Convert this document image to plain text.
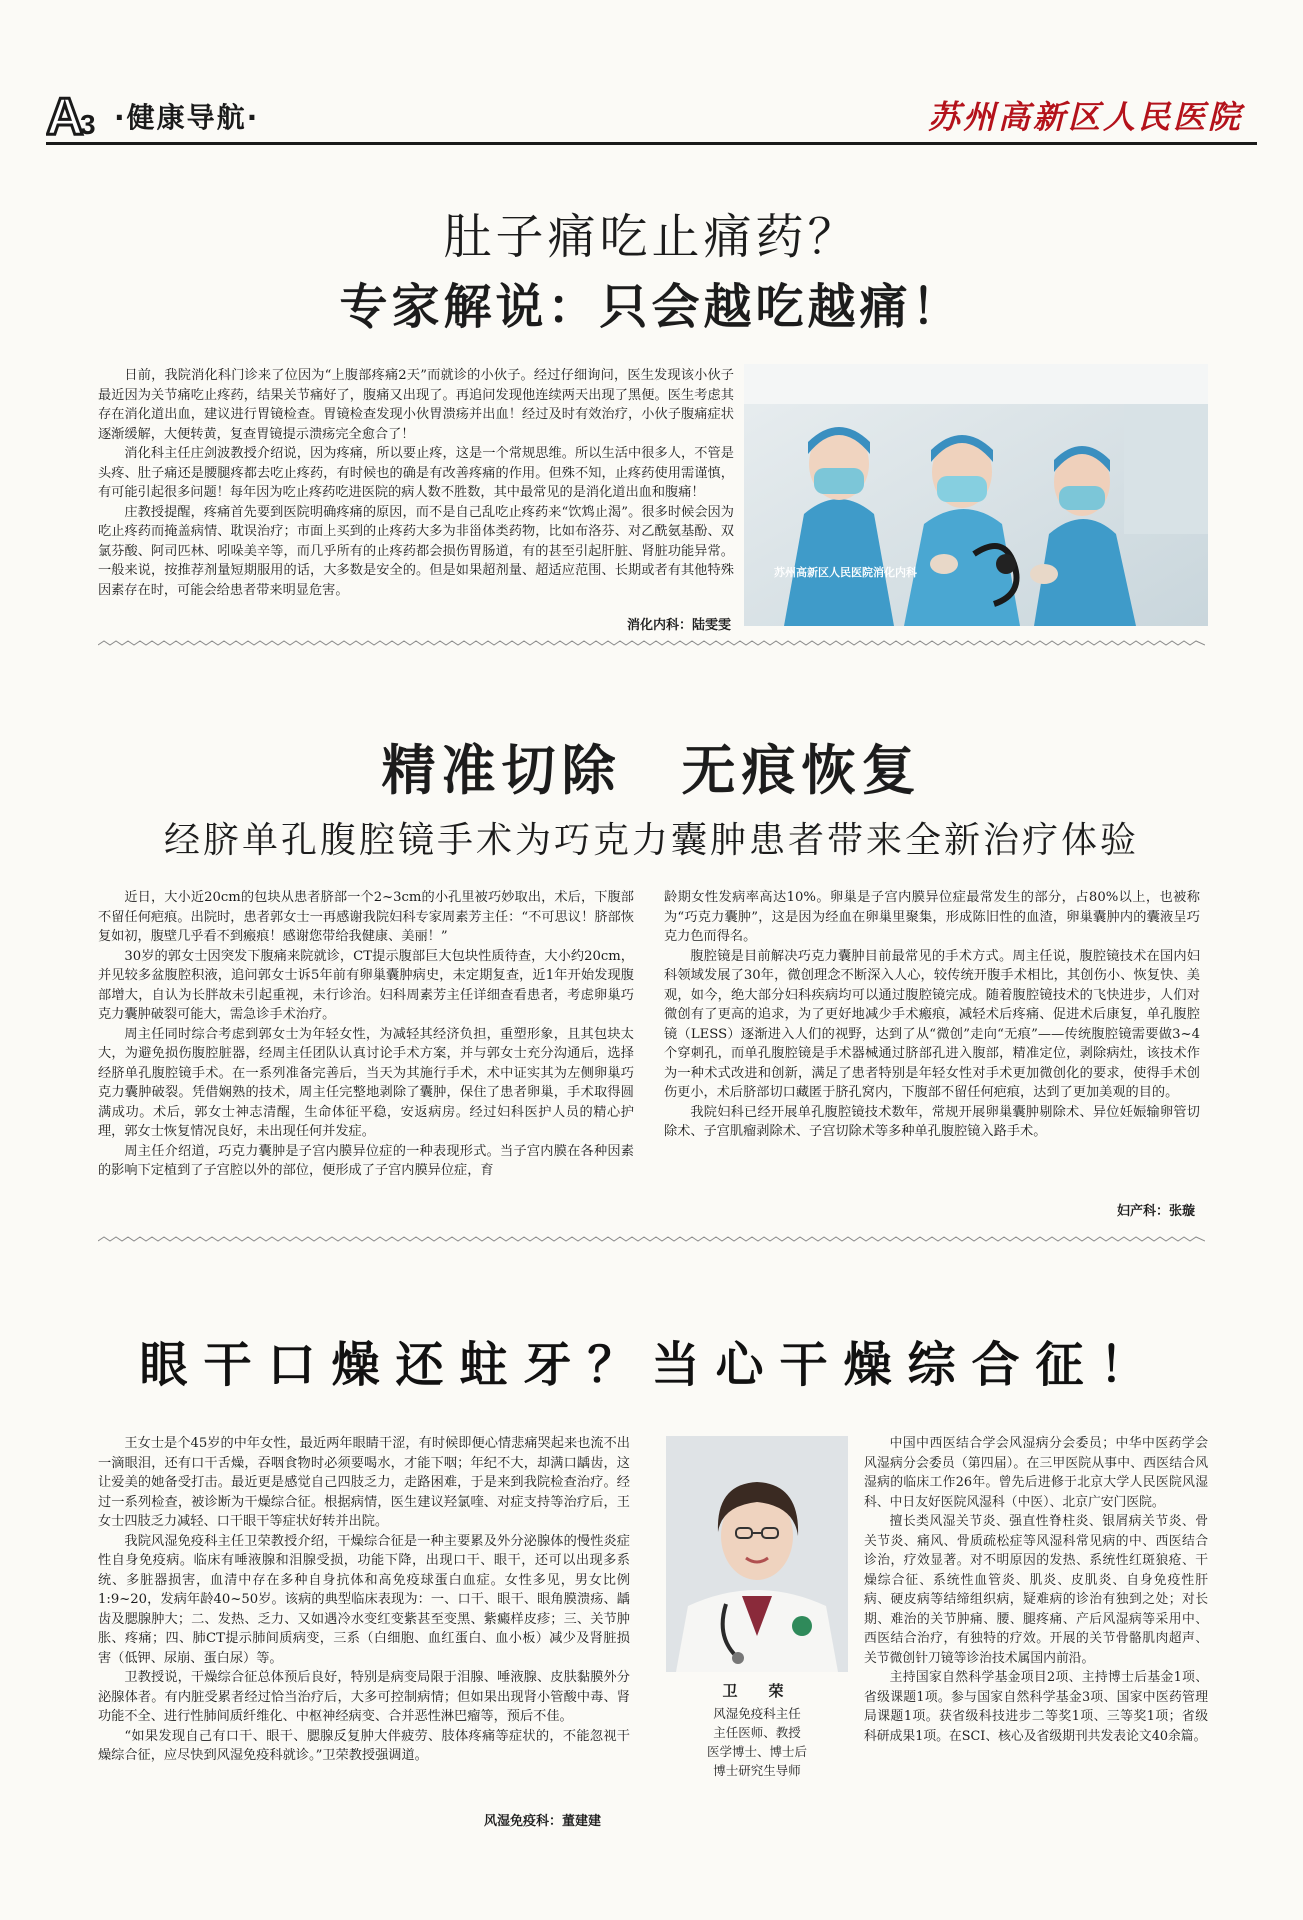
A
3 ·健康导航·	苏州高新区人民医院
肚子痛吃止痛药？
专家解说：只会越吃越痛！

日前，我院消化科门诊来了位因为“上腹部疼痛2天”而就诊的小伙子。经过仔细询问，医生发现该小伙子最近因为关节痛吃止疼药，结果关节痛好了，腹痛又出现了。再追问发现他连续两天出现了黑便。医生考虑其存在消化道出血，建议进行胃镜检查。胃镜检查发现小伙胃溃疡并出血！经过及时有效治疗，小伙子腹痛症状逐渐缓解，大便转黄，复查胃镜提示溃疡完全愈合了！

消化科主任庄剑波教授介绍说，因为疼痛，所以要止疼，这是一个常规思维。所以生活中很多人，不管是头疼、肚子痛还是腰腿疼都去吃止疼药，有时候也的确是有改善疼痛的作用。但殊不知，止疼药使用需谨慎，有可能引起很多问题！每年因为吃止疼药吃进医院的病人数不胜数，其中最常见的是消化道出血和腹痛！

庄教授提醒，疼痛首先要到医院明确疼痛的原因，而不是自己乱吃止疼药来“饮鸩止渴”。很多时候会因为吃止疼药而掩盖病情、耽误治疗；市面上买到的止疼药大多为非甾体类药物，比如布洛芬、对乙酰氨基酚、双氯芬酸、阿司匹林、吲哚美辛等，而几乎所有的止疼药都会损伤胃肠道，有的甚至引起肝脏、肾脏功能异常。一般来说，按推荐剂量短期服用的话，大多数是安全的。但是如果超剂量、超适应范围、长期或者有其他特殊因素存在时，可能会给患者带来明显危害。

苏州高新区人民医院消化内科
消化内科：陆雯雯
精准切除　无痕恢复
经脐单孔腹腔镜手术为巧克力囊肿患者带来全新治疗体验

近日，大小近20cm的包块从患者脐部一个2~3cm的小孔里被巧妙取出，术后，下腹部不留任何疤痕。出院时，患者郭女士一再感谢我院妇科专家周素芳主任：“不可思议！脐部恢复如初，腹壁几乎看不到瘢痕！感谢您带给我健康、美丽！”

30岁的郭女士因突发下腹痛来院就诊，CT提示腹部巨大包块性质待查，大小约20cm，并见较多盆腹腔积液，追问郭女士诉5年前有卵巢囊肿病史，未定期复查，近1年开始发现腹部增大，自认为长胖故未引起重视，未行诊治。妇科周素芳主任详细查看患者，考虑卵巢巧克力囊肿破裂可能大，需急诊手术治疗。

周主任同时综合考虑到郭女士为年轻女性，为减轻其经济负担，重塑形象，且其包块太大，为避免损伤腹腔脏器，经周主任团队认真讨论手术方案，并与郭女士充分沟通后，选择经脐单孔腹腔镜手术。在一系列准备完善后，当天为其施行手术，术中证实其为左侧卵巢巧克力囊肿破裂。凭借娴熟的技术，周主任完整地剥除了囊肿，保住了患者卵巢，手术取得圆满成功。术后，郭女士神志清醒，生命体征平稳，安返病房。经过妇科医护人员的精心护理，郭女士恢复情况良好，未出现任何并发症。

周主任介绍道，巧克力囊肿是子宫内膜异位症的一种表现形式。当子宫内膜在各种因素的影响下定植到了子宫腔以外的部位，便形成了子宫内膜异位症，育

龄期女性发病率高达10%。卵巢是子宫内膜异位症最常发生的部分，占80%以上，也被称为“巧克力囊肿”，这是因为经血在卵巢里聚集，形成陈旧性的血渣，卵巢囊肿内的囊液呈巧克力色而得名。

腹腔镜是目前解决巧克力囊肿目前最常见的手术方式。周主任说，腹腔镜技术在国内妇科领域发展了30年，微创理念不断深入人心，较传统开腹手术相比，其创伤小、恢复快、美观，如今，绝大部分妇科疾病均可以通过腹腔镜完成。随着腹腔镜技术的飞快进步，人们对微创有了更高的追求，为了更好地减少手术瘢痕，减轻术后疼痛、促进术后康复，单孔腹腔镜（LESS）逐渐进入人们的视野，达到了从“微创”走向“无痕”——传统腹腔镜需要做3~4个穿刺孔，而单孔腹腔镜是手术器械通过脐部孔进入腹部，精准定位，剥除病灶，该技术作为一种术式改进和创新，满足了患者特别是年轻女性对手术更加微创化的要求，使得手术创伤更小，术后脐部切口藏匿于脐孔窝内，下腹部不留任何疤痕，达到了更加美观的目的。

我院妇科已经开展单孔腹腔镜技术数年，常规开展卵巢囊肿剔除术、异位妊娠输卵管切除术、子宫肌瘤剥除术、子宫切除术等多种单孔腹腔镜入路手术。

妇产科：张璇
眼干口燥还蛀牙？当心干燥综合征！

王女士是个45岁的中年女性，最近两年眼睛干涩，有时候即便心情悲痛哭起来也流不出一滴眼泪，还有口干舌燥，吞咽食物时必须要喝水，才能下咽；年纪不大，却满口龋齿，这让爱美的她备受打击。最近更是感觉自己四肢乏力，走路困难，于是来到我院检查治疗。经过一系列检查，被诊断为干燥综合征。根据病情，医生建议羟氯喹、对症支持等治疗后，王女士四肢乏力减轻、口干眼干等症状好转并出院。

我院风湿免疫科主任卫荣教授介绍，干燥综合征是一种主要累及外分泌腺体的慢性炎症性自身免疫病。临床有唾液腺和泪腺受损，功能下降，出现口干、眼干，还可以出现多系统、多脏器损害，血清中存在多种自身抗体和高免疫球蛋白血症。女性多见，男女比例1:9~20，发病年龄40~50岁。该病的典型临床表现为：一、口干、眼干、眼角膜溃疡、龋齿及腮腺肿大；二、发热、乏力、又如遇冷水变红变紫甚至变黑、紫癜样皮疹；三、关节肿胀、疼痛；四、肺CT提示肺间质病变，三系（白细胞、血红蛋白、血小板）减少及肾脏损害（低钾、尿崩、蛋白尿）等。

卫教授说，干燥综合征总体预后良好，特别是病变局限于泪腺、唾液腺、皮肤黏膜外分泌腺体者。有内脏受累者经过恰当治疗后，大多可控制病情；但如果出现肾小管酸中毒、肾功能不全、进行性肺间质纤维化、中枢神经病变、合并恶性淋巴瘤等，预后不佳。

“如果发现自己有口干、眼干、腮腺反复肿大伴疲劳、肢体疼痛等症状的，不能忽视干燥综合征，应尽快到风湿免疫科就诊。”卫荣教授强调道。

风湿免疫科：董建建
卫　荣
风湿免疫科主任
主任医师、教授
医学博士、博士后
博士研究生导师

中国中西医结合学会风湿病分会委员；中华中医药学会风湿病分会委员（第四届）。在三甲医院从事中、西医结合风湿病的临床工作26年。曾先后进修于北京大学人民医院风湿科、中日友好医院风湿科（中医）、北京广安门医院。

擅长类风湿关节炎、强直性脊柱炎、银屑病关节炎、骨关节炎、痛风、骨质疏松症等风湿科常见病的中、西医结合诊治，疗效显著。对不明原因的发热、系统性红斑狼疮、干燥综合征、系统性血管炎、肌炎、皮肌炎、自身免疫性肝病、硬皮病等结缔组织病，疑难病的诊治有独到之处；对长期、难治的关节肿痛、腰、腿疼痛、产后风湿病等采用中、西医结合治疗，有独特的疗效。开展的关节骨骼肌肉超声、关节微创针刀镜等诊治技术属国内前沿。

主持国家自然科学基金项目2项、主持博士后基金1项、省级课题1项。参与国家自然科学基金3项、国家中医药管理局课题1项。获省级科技进步二等奖1项、三等奖1项；省级科研成果1项。在SCI、核心及省级期刊共发表论文40余篇。
